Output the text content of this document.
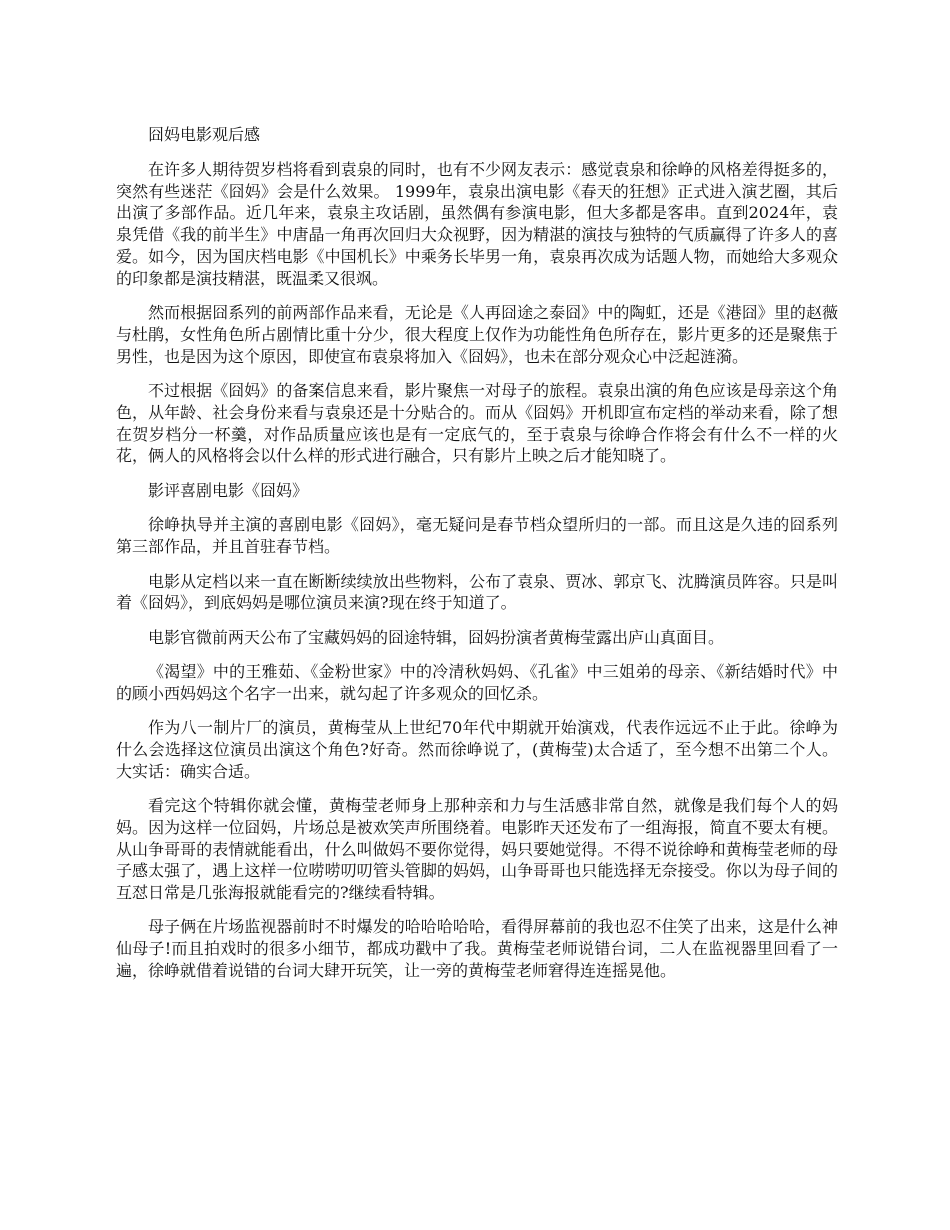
囧妈电影观后感

在许多人期待贺岁档将看到袁泉的同时，也有不少网友表示：感觉袁泉和徐峥的风格差得挺多的，突然有些迷茫《囧妈》会是什么效果。 1999年，袁泉出演电影《春天的狂想》正式进入演艺圈，其后出演了多部作品。近几年来，袁泉主攻话剧，虽然偶有参演电影，但大多都是客串。直到2024年，袁泉凭借《我的前半生》中唐晶一角再次回归大众视野，因为精湛的演技与独特的气质赢得了许多人的喜爱。如今，因为国庆档电影《中国机长》中乘务长毕男一角，袁泉再次成为话题人物，而她给大多观众的印象都是演技精湛，既温柔又很飒。

然而根据囧系列的前两部作品来看，无论是《人再囧途之泰囧》中的陶虹，还是《港囧》里的赵薇与杜鹃，女性角色所占剧情比重十分少，很大程度上仅作为功能性角色所存在，影片更多的还是聚焦于男性，也是因为这个原因，即使宣布袁泉将加入《囧妈》，也未在部分观众心中泛起涟漪。

不过根据《囧妈》的备案信息来看，影片聚焦一对母子的旅程。袁泉出演的角色应该是母亲这个角色，从年龄、社会身份来看与袁泉还是十分贴合的。而从《囧妈》开机即宣布定档的举动来看，除了想在贺岁档分一杯羹，对作品质量应该也是有一定底气的，至于袁泉与徐峥合作将会有什么不一样的火花，俩人的风格将会以什么样的形式进行融合，只有影片上映之后才能知晓了。

影评喜剧电影《囧妈》

徐峥执导并主演的喜剧电影《囧妈》，毫无疑问是春节档众望所归的一部。而且这是久违的囧系列第三部作品，并且首驻春节档。

电影从定档以来一直在断断续续放出些物料，公布了袁泉、贾冰、郭京飞、沈腾演员阵容。只是叫着《囧妈》，到底妈妈是哪位演员来演?现在终于知道了。

电影官微前两天公布了宝藏妈妈的囧途特辑，囧妈扮演者黄梅莹露出庐山真面目。

《渴望》中的王雅茹、《金粉世家》中的冷清秋妈妈、《孔雀》中三姐弟的母亲、《新结婚时代》中的顾小西妈妈这个名字一出来，就勾起了许多观众的回忆杀。

作为八一制片厂的演员，黄梅莹从上世纪70年代中期就开始演戏，代表作远远不止于此。徐峥为什么会选择这位演员出演这个角色?好奇。然而徐峥说了，(黄梅莹)太合适了，至今想不出第二个人。大实话：确实合适。

看完这个特辑你就会懂，黄梅莹老师身上那种亲和力与生活感非常自然，就像是我们每个人的妈妈。因为这样一位囧妈，片场总是被欢笑声所围绕着。电影昨天还发布了一组海报，简直不要太有梗。从山争哥哥的表情就能看出，什么叫做妈不要你觉得，妈只要她觉得。不得不说徐峥和黄梅莹老师的母子感太强了，遇上这样一位唠唠叨叨管头管脚的妈妈，山争哥哥也只能选择无奈接受。你以为母子间的互怼日常是几张海报就能看完的?继续看特辑。

母子俩在片场监视器前时不时爆发的哈哈哈哈哈，看得屏幕前的我也忍不住笑了出来，这是什么神仙母子!而且拍戏时的很多小细节，都成功戳中了我。黄梅莹老师说错台词，二人在监视器里回看了一遍，徐峥就借着说错的台词大肆开玩笑，让一旁的黄梅莹老师窘得连连摇晃他。
